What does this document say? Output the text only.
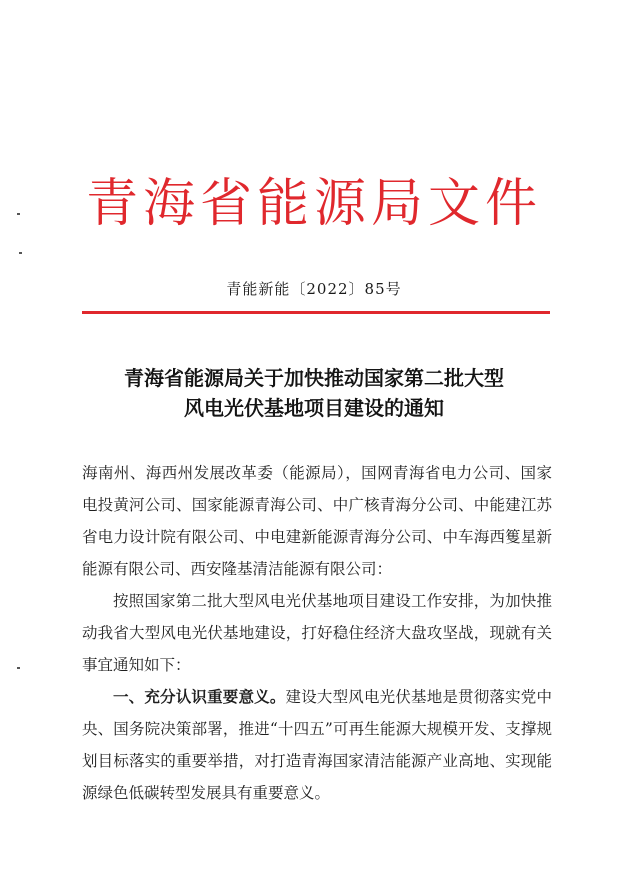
青海省能源局文件
青能新能〔2022〕85号
青海省能源局关于加快推动国家第二批大型
风电光伏基地项目建设的通知

海南州、海西州发展改革委（能源局），国网青海省电力公司、国家电投黄河公司、国家能源青海公司、中广核青海分公司、中能建江苏省电力设计院有限公司、中电建新能源青海分公司、中车海西篗星新能源有限公司、西安隆基清洁能源有限公司：

按照国家第二批大型风电光伏基地项目建设工作安排，为加快推动我省大型风电光伏基地建设，打好稳住经济大盘攻坚战，现就有关事宜通知如下：

一、充分认识重要意义。建设大型风电光伏基地是贯彻落实党中央、国务院决策部署，推进“十四五”可再生能源大规模开发、支撑规划目标落实的重要举措，对打造青海国家清洁能源产业高地、实现能源绿色低碳转型发展具有重要意义。
